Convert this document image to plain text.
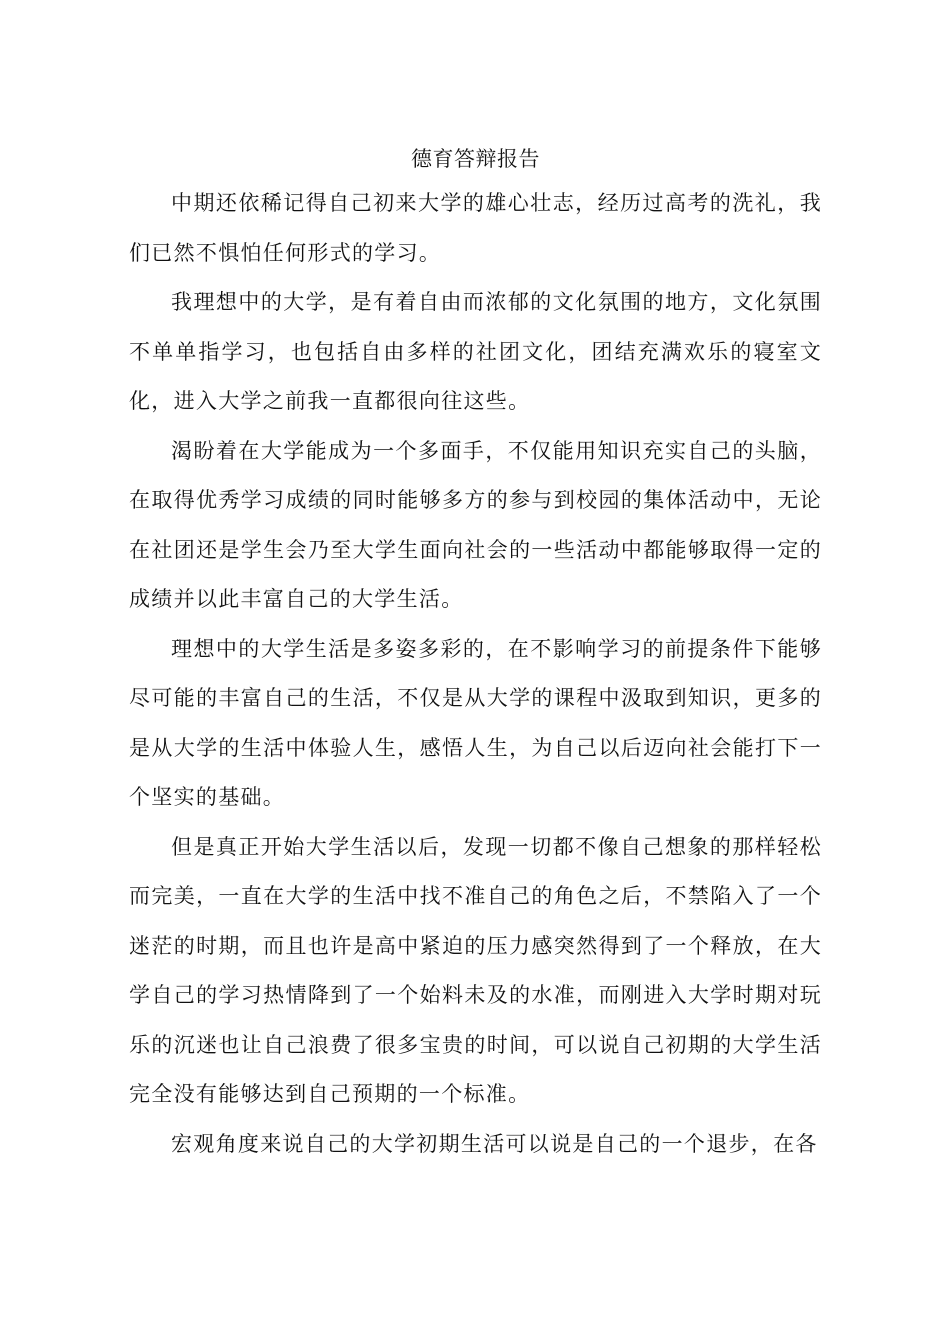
德育答辩报告

中期还依稀记得自己初来大学的雄心壮志，经历过高考的洗礼，我们已然不惧怕任何形式的学习。

我理想中的大学，是有着自由而浓郁的文化氛围的地方，文化氛围不单单指学习，也包括自由多样的社团文化，团结充满欢乐的寝室文化，进入大学之前我一直都很向往这些。

渴盼着在大学能成为一个多面手，不仅能用知识充实自己的头脑，在取得优秀学习成绩的同时能够多方的参与到校园的集体活动中，无论在社团还是学生会乃至大学生面向社会的一些活动中都能够取得一定的成绩并以此丰富自己的大学生活。

理想中的大学生活是多姿多彩的，在不影响学习的前提条件下能够尽可能的丰富自己的生活，不仅是从大学的课程中汲取到知识，更多的是从大学的生活中体验人生，感悟人生，为自己以后迈向社会能打下一个坚实的基础。

但是真正开始大学生活以后，发现一切都不像自己想象的那样轻松而完美，一直在大学的生活中找不准自己的角色之后，不禁陷入了一个迷茫的时期，而且也许是高中紧迫的压力感突然得到了一个释放，在大学自己的学习热情降到了一个始料未及的水准，而刚进入大学时期对玩乐的沉迷也让自己浪费了很多宝贵的时间，可以说自己初期的大学生活完全没有能够达到自己预期的一个标准。

宏观角度来说自己的大学初期生活可以说是自己的一个退步，在各
